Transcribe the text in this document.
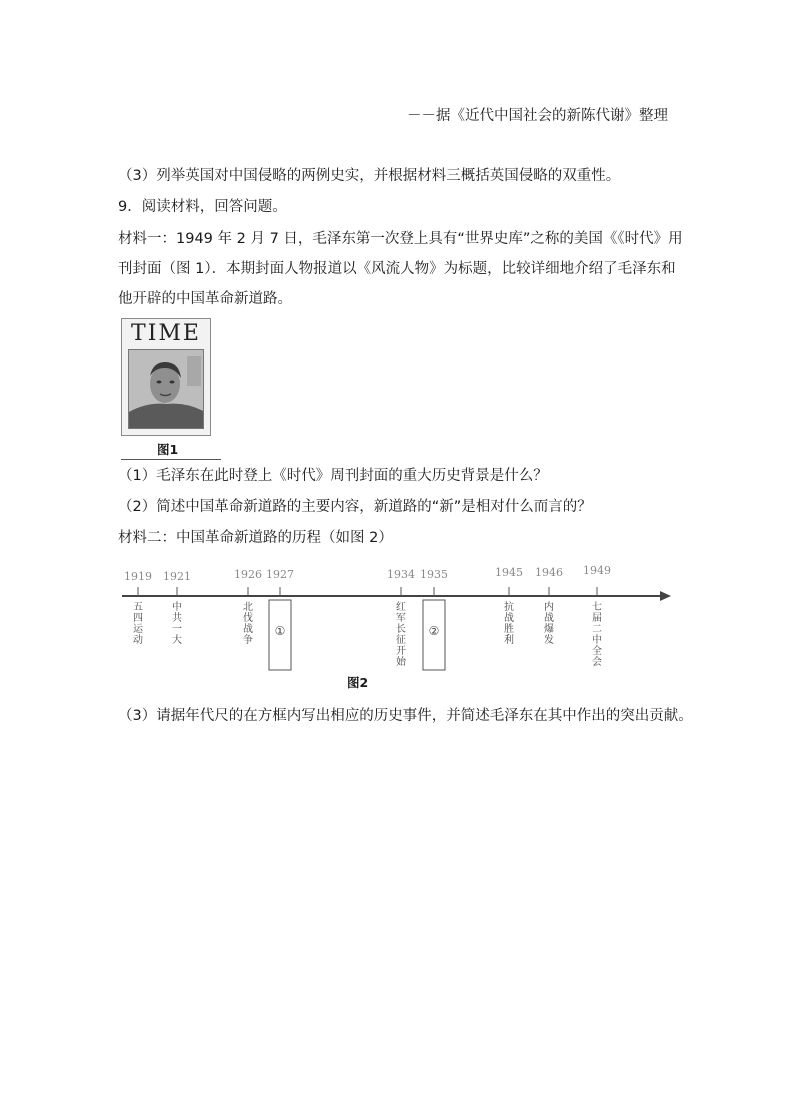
－－据《近代中国社会的新陈代谢》整理
（3）列举英国对中国侵略的两例史实，并根据材料三概括英国侵略的双重性。
9．阅读材料，回答问题。
材料一：1949 年 2 月 7 日，毛泽东第一次登上具有“世界史库”之称的美国《《时代》用
刊封面（图 1）．本期封面人物报道以《风流人物》为标题，比较详细地介绍了毛泽东和
他开辟的中国革命新道路。
TIME
图1
（1）毛泽东在此时登上《时代》周刊封面的重大历史背景是什么？
（2）简述中国革命新道路的主要内容，新道路的“新”是相对什么而言的？
材料二：中国革命新道路的历程（如图 2）
1919 1921	1926 1927	1934 1935	1945 1946 1949
五四运动
中共一大
北伐战争
①
红军长征开始
②
抗战胜利
内战爆发
七届二中全会
图2
（3）请据年代尺的在方框内写出相应的历史事件，并简述毛泽东在其中作出的突出贡献。
